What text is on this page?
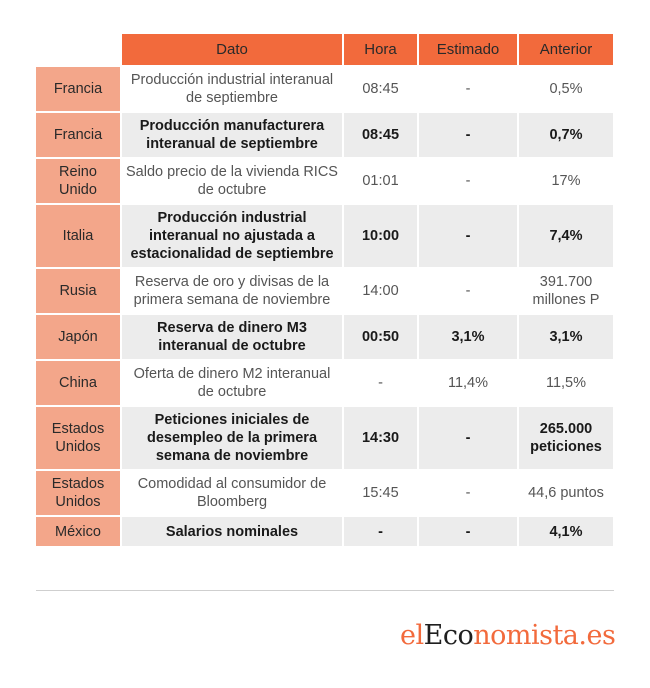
	Dato	Hora	Estimado	Anterior
Francia	Producción industrial interanual de septiembre	08:45	-	0,5%
Francia	Producción manufacturera interanual de septiembre	08:45	-	0,7%
Reino Unido	Saldo precio de la vivienda RICS de octubre	01:01	-	17%
Italia	Producción industrial interanual no ajustada a estacionalidad de septiembre	10:00	-	7,4%
Rusia	Reserva de oro y divisas de la primera semana de noviembre	14:00	-	391.700 millones P
Japón	Reserva de dinero M3 interanual de octubre	00:50	3,1%	3,1%
China	Oferta de dinero M2 interanual de octubre	-	11,4%	11,5%
Estados Unidos	Peticiones iniciales de desempleo de la primera semana de noviembre	14:30	-	265.000 peticiones
Estados Unidos	Comodidad al consumidor de Bloomberg	15:45	-	44,6 puntos
México	Salarios nominales	-	-	4,1%
elEconomista.es
